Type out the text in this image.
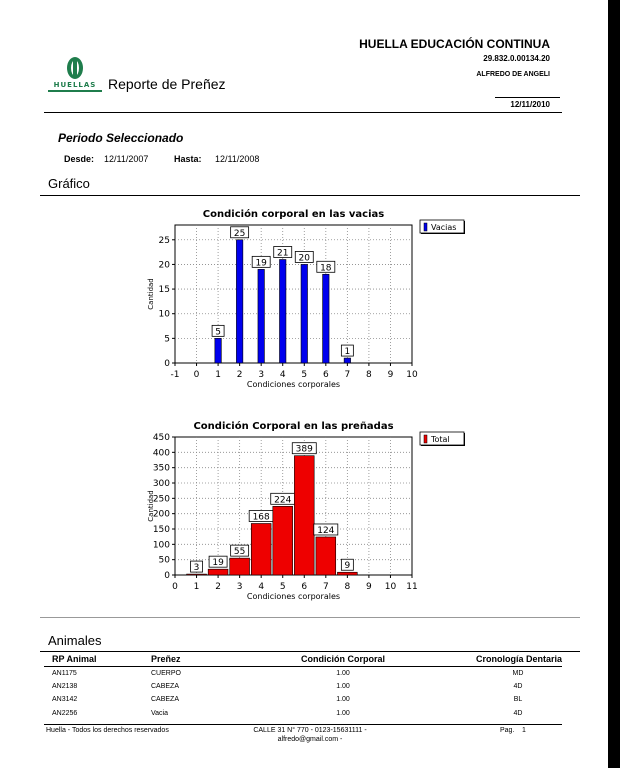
HUELLAS Reporte de Preñez
HUELLA EDUCACIÓN CONTINUA
29.832.0.00134.20
ALFREDO DE ANGELI
12/11/2010
Periodo Seleccionado
Desde: 12/11/2007	Hasta: 12/11/2008
Gráfico
Condición corporal en las vacias
-1 0 1 2 3 4 5 6 7 8 9 10
0
5
10
15
20
25
Condiciones corporales
Cantidad
5
25
19
21 20
18
1
Vacias
Condición Corporal en las preñadas
0 1 2 3 4 5 6 7 8 9 10 11
0
50
100
150
200
250
300
350
400
450
Condiciones corporales
Cantidad
3 19
55
168
224
389
124
9
Total
Animales
RP Animal	Preñez	Condición Corporal	Cronología Dentaria
AN1175	CUERPO	1.00	MD
AN2138	CABEZA	1.00	4D
AN3142	CABEZA	1.00	BL
AN2256	Vacia	1.00	4D
Huella - Todos los derechos reservados	CALLE 31 N° 770 - 0123-15631111 -
alfredo@gmail.com -
Pag. 1
